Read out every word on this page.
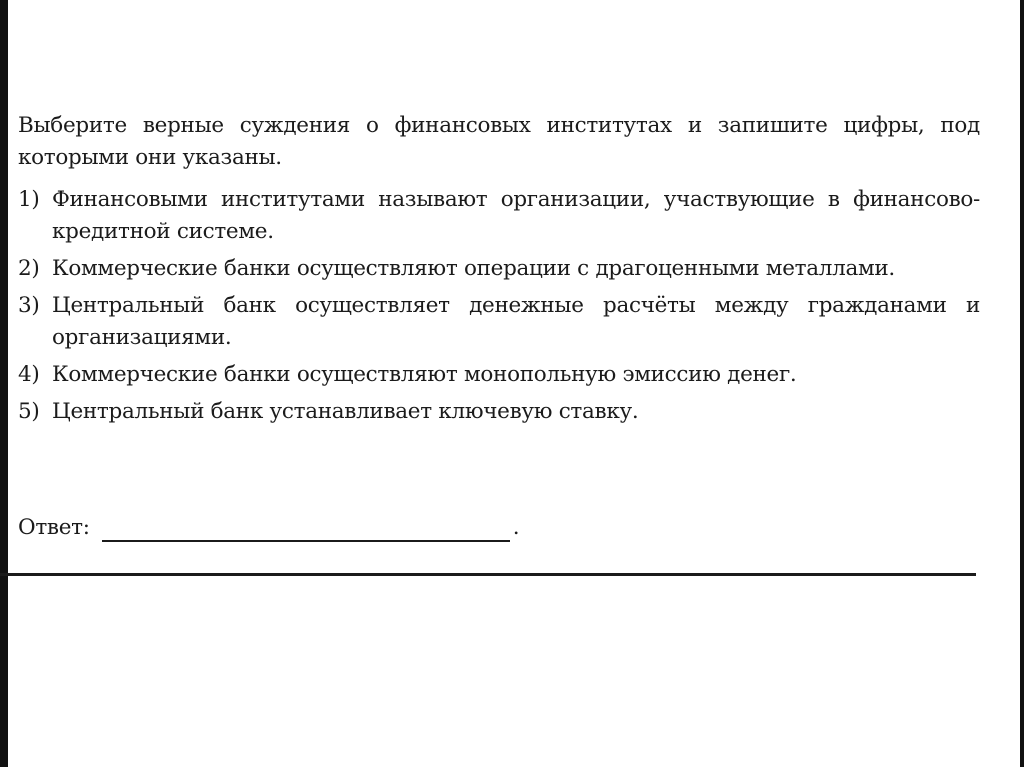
Выберите верные суждения о финансовых институтах и запишите цифры, под которыми они указаны.

1) Финансовыми институтами называют организации, участвующие в финансово-кредитной системе.
2) Коммерческие банки осуществляют операции с драгоценными металлами.
3) Центральный банк осуществляет денежные расчёты между гражданами и организациями.
4) Коммерческие банки осуществляют монопольную эмиссию денег.
5) Центральный банк устанавливает ключевую ставку.
Ответ:	.
